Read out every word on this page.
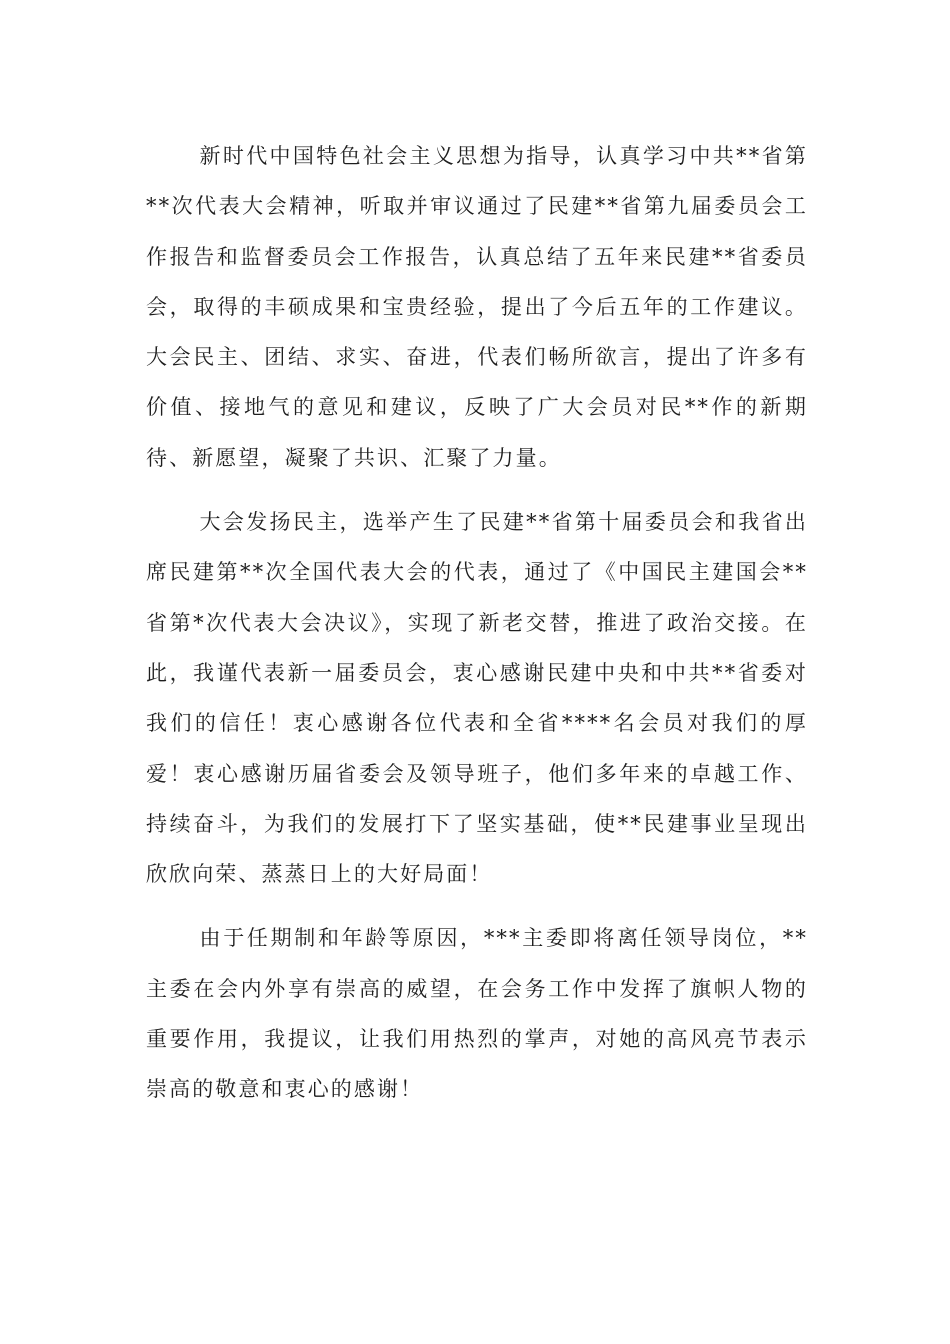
新时代中国特色社会主义思想为指导，认真学习中共**省第**次代表大会精神，听取并审议通过了民建**省第九届委员会工作报告和监督委员会工作报告，认真总结了五年来民建**省委员会，取得的丰硕成果和宝贵经验，提出了今后五年的工作建议。大会民主、团结、求实、奋进，代表们畅所欲言，提出了许多有价值、接地气的意见和建议，反映了广大会员对民**作的新期待、新愿望，凝聚了共识、汇聚了力量。

大会发扬民主，选举产生了民建**省第十届委员会和我省出席民建第**次全国代表大会的代表，通过了《中国民主建国会**省第*次代表大会决议》，实现了新老交替，推进了政治交接。在此，我谨代表新一届委员会，衷心感谢民建中央和中共**省委对我们的信任！衷心感谢各位代表和全省****名会员对我们的厚爱！衷心感谢历届省委会及领导班子，他们多年来的卓越工作、持续奋斗，为我们的发展打下了坚实基础，使**民建事业呈现出欣欣向荣、蒸蒸日上的大好局面！

由于任期制和年龄等原因，***主委即将离任领导岗位，**主委在会内外享有崇高的威望，在会务工作中发挥了旗帜人物的重要作用，我提议，让我们用热烈的掌声，对她的高风亮节表示崇高的敬意和衷心的感谢！
